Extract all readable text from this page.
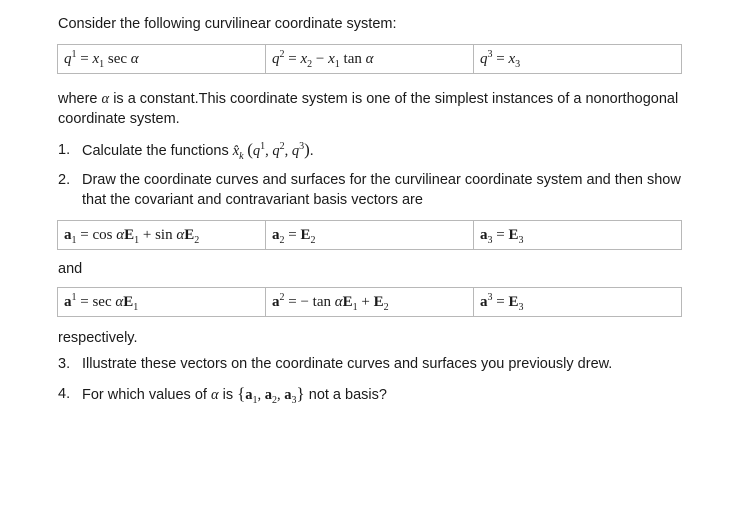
Consider the following curvilinear coordinate system:

$q^1 = x_1$ sec α	$q^2 = x_2 - x_1$ tan α	$q^3 = x_3$

where α is a constant.This coordinate system is one of the simplest instances of a nonorthogonal coordinate system.

1. Calculate the functions $x̂_k$ ($q^1$, $q^2$, $q^3$).
2. Draw the coordinate curves and surfaces for the curvilinear coordinate system and then show that the covariant and contravariant basis vectors are
$a_1 = \cos \alpha E_1 + \sin \alpha E_2$	$a_2 = E_2$	$a_3 = E_3$

and

$a^1 = \sec \alpha E_1$	$a^2$ = − $\tan \alpha E_1 + E_2$	$a^3 = E_3$

respectively.

3. Illustrate these vectors on the coordinate curves and surfaces you previously drew.
4. For which values of α is {$a_1$, $a_2$, $a_3$} not a basis?
